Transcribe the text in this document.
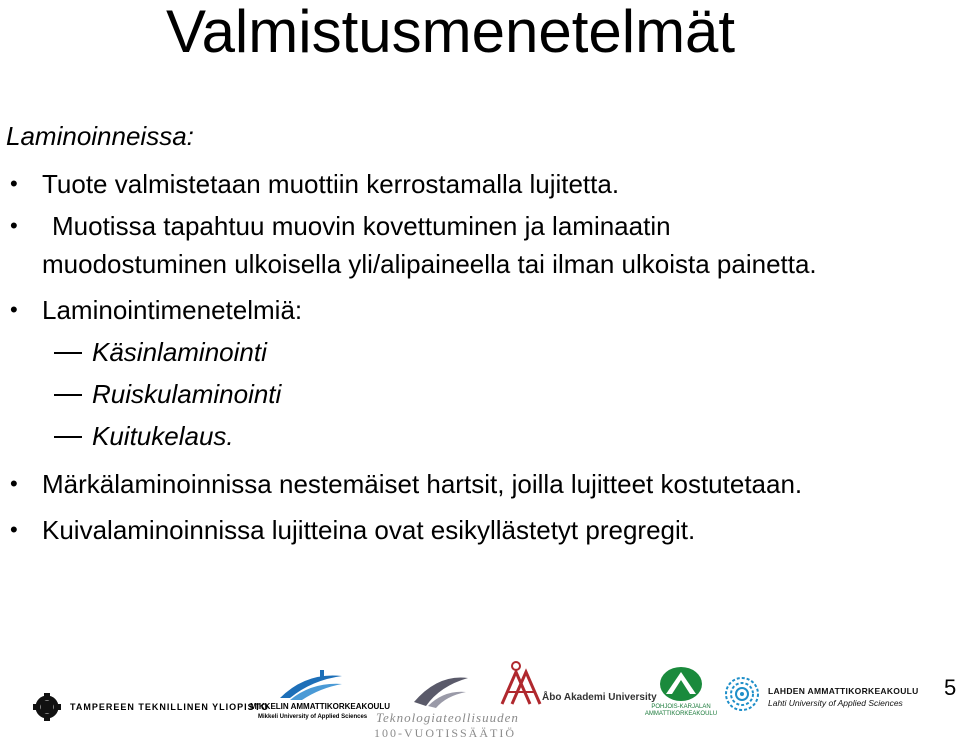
Valmistusmenetelmät
Laminoinneissa:
• Tuote valmistetaan muottiin kerrostamalla lujitetta.
• Muotissa tapahtuu muovin kovettuminen ja laminaatin
muodostuminen ulkoisella yli/alipaineella tai ilman ulkoista painetta.
• Laminointimenetelmiä:
Käsinlaminointi
Ruiskulaminointi
Kuitukelaus.
• Märkälaminoinnissa nestemäiset hartsit, joilla lujitteet kostutetaan.
• Kuivalaminoinnissa lujitteina ovat esikyllästetyt pregregit.
TAMPEREEN TEKNILLINEN YLIOPISTO
MIKKELIN AMMATTIKORKEAKOULU
Mikkeli University of Applied Sciences Teknologiateollisuuden
100-VUOTISSÄÄTIÖ
Åbo Akademi University
POHJOIS-KARJALAN
AMMATTIKORKEAKOULU
LAHDEN AMMATTIKORKEAKOULU
Lahti University of Applied Sciences
5
